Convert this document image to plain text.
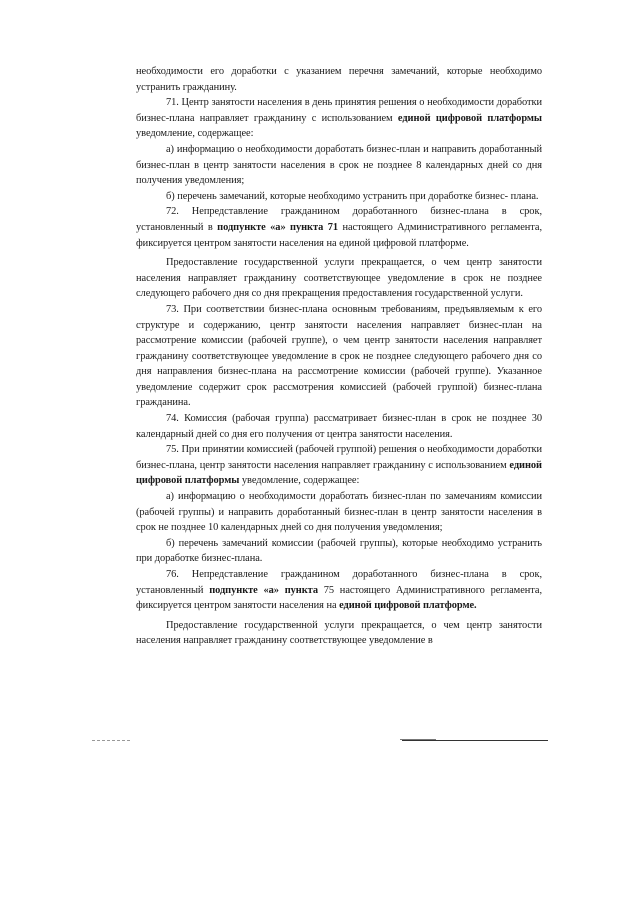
необходимости его доработки с указанием перечня замечаний, которые необходимо устранить гражданину.

71. Центр занятости населения в день принятия решения о необходимости доработки бизнес-плана направляет гражданину с использованием единой цифровой платформы уведомление, содержащее:

а) информацию о необходимости доработать бизнес-план и направить доработанный бизнес-план в центр занятости населения в срок не позднее 8 календарных дней со дня получения уведомления;

б) перечень замечаний, которые необходимо устранить при доработке бизнес- плана.

72. Непредставление гражданином доработанного бизнес-плана в срок, установленный в подпункте «а» пункта 71 настоящего Административного регламента, фиксируется центром занятости населения на единой цифровой платформе.

Предоставление государственной услуги прекращается, о чем центр занятости населения направляет гражданину соответствующее уведомление в срок не позднее следующего рабочего дня со дня прекращения предоставления государственной услуги.

73. При соответствии бизнес-плана основным требованиям, предъявляемым к его структуре и содержанию, центр занятости населения направляет бизнес-план на рассмотрение комиссии (рабочей группе), о чем центр занятости населения направляет гражданину соответствующее уведомление в срок не позднее следующего рабочего дня со дня направления бизнес-плана на рассмотрение комиссии (рабочей группе). Указанное уведомление содержит срок рассмотрения комиссией (рабочей группой) бизнес-плана гражданина.

74. Комиссия (рабочая группа) рассматривает бизнес-план в срок не позднее 30 календарный дней со дня его получения от центра занятости населения.

75. При принятии комиссией (рабочей группой) решения о необходимости доработки бизнес-плана, центр занятости населения направляет гражданину с использованием единой цифровой платформы уведомление, содержащее:

а) информацию о необходимости доработать бизнес-план по замечаниям комиссии (рабочей группы) и направить доработанный бизнес-план в центр занятости населения в срок не позднее 10 календарных дней со дня получения уведомления;

б) перечень замечаний комиссии (рабочей группы), которые необходимо устранить при доработке бизнес-плана.

76. Непредставление гражданином доработанного бизнес-плана в срок, установленный подпункте «а» пункта 75 настоящего Административного регламента, фиксируется центром занятости населения на единой цифровой платформе.

Предоставление государственной услуги прекращается, о чем центр занятости населения направляет гражданину соответствующее уведомление в
